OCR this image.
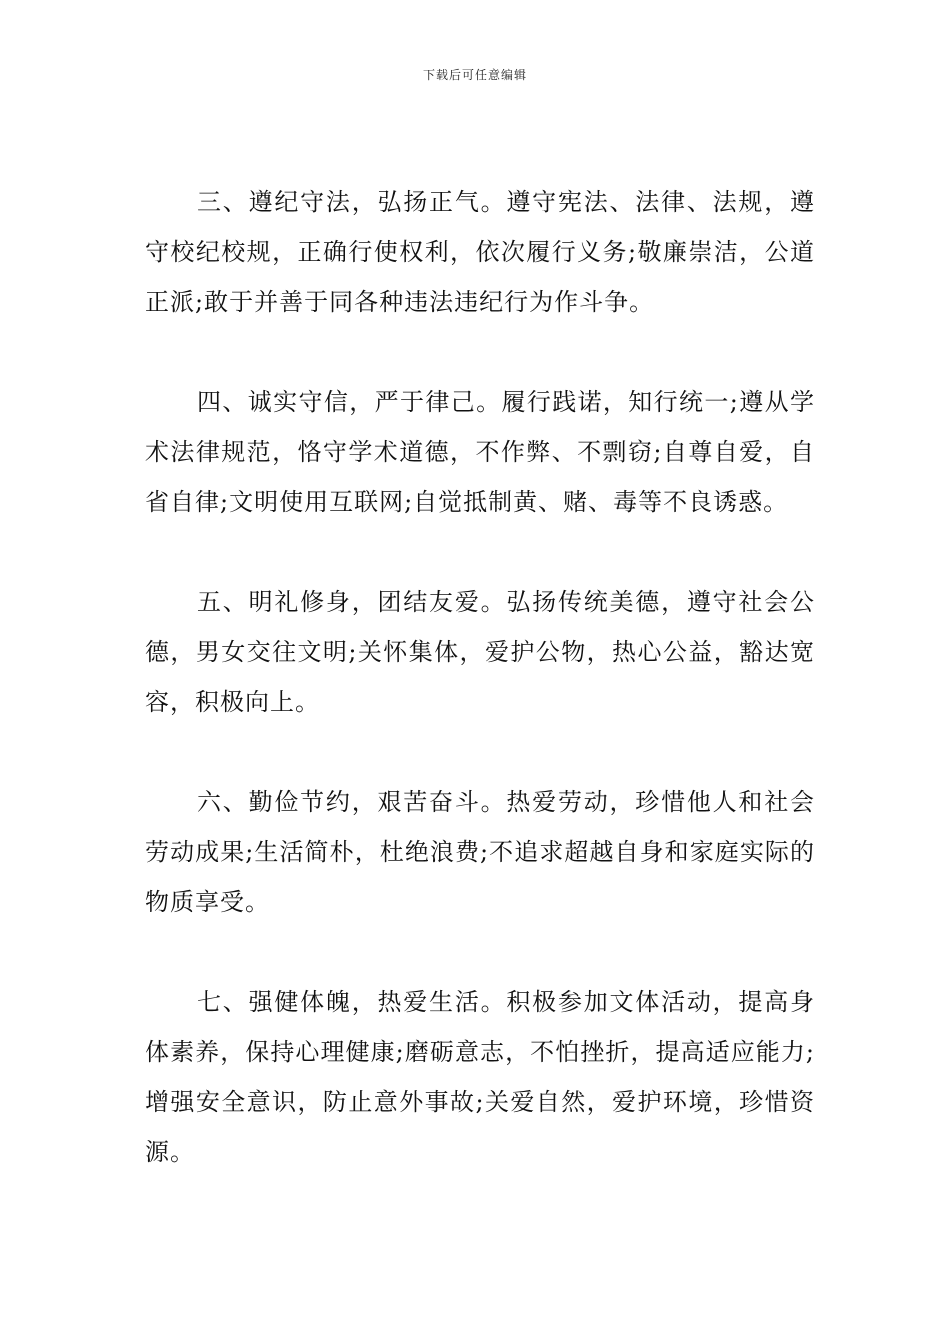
下载后可任意编辑

三、遵纪守法，弘扬正气。遵守宪法、法律、法规，遵守校纪校规，正确行使权利，依次履行义务;敬廉崇洁，公道正派;敢于并善于同各种违法违纪行为作斗争。

四、诚实守信，严于律己。履行践诺，知行统一;遵从学术法律规范，恪守学术道德，不作弊、不剽窃;自尊自爱，自省自律;文明使用互联网;自觉抵制黄、赌、毒等不良诱惑。

五、明礼修身，团结友爱。弘扬传统美德，遵守社会公德，男女交往文明;关怀集体，爱护公物，热心公益，豁达宽容，积极向上。

六、勤俭节约，艰苦奋斗。热爱劳动，珍惜他人和社会劳动成果;生活简朴，杜绝浪费;不追求超越自身和家庭实际的物质享受。

七、强健体魄，热爱生活。积极参加文体活动，提高身体素养，保持心理健康;磨砺意志，不怕挫折，提高适应能力;增强安全意识，防止意外事故;关爱自然，爱护环境，珍惜资源。
